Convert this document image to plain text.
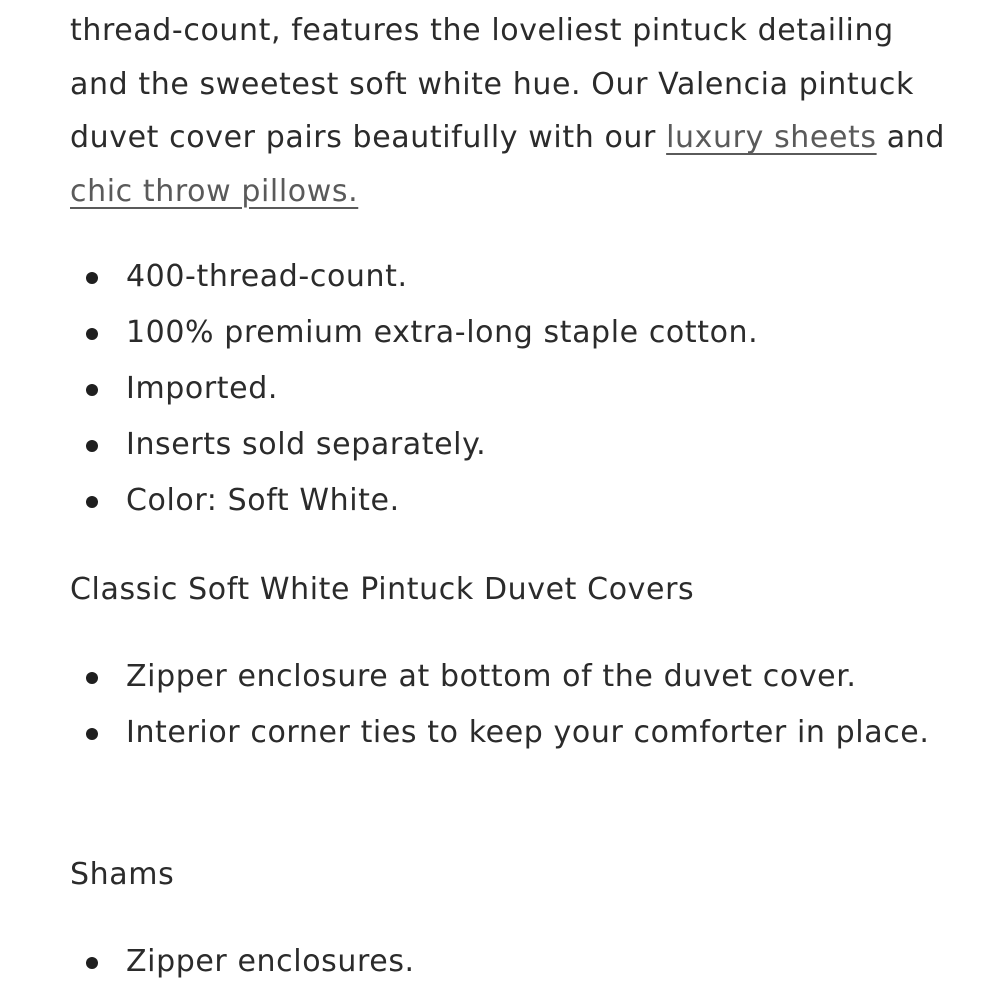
thread-count, features the loveliest pintuck detailing and the sweetest soft white hue. Our Valencia pintuck duvet cover pairs beautifully with our luxury sheets and chic throw pillows.

400-thread-count.
100% premium extra-long staple cotton.
Imported.
Inserts sold separately.
Color: Soft White.
Classic Soft White Pintuck Duvet Covers
Zipper enclosure at bottom of the duvet cover.
Interior corner ties to keep your comforter in place.
Shams
Zipper enclosures.
